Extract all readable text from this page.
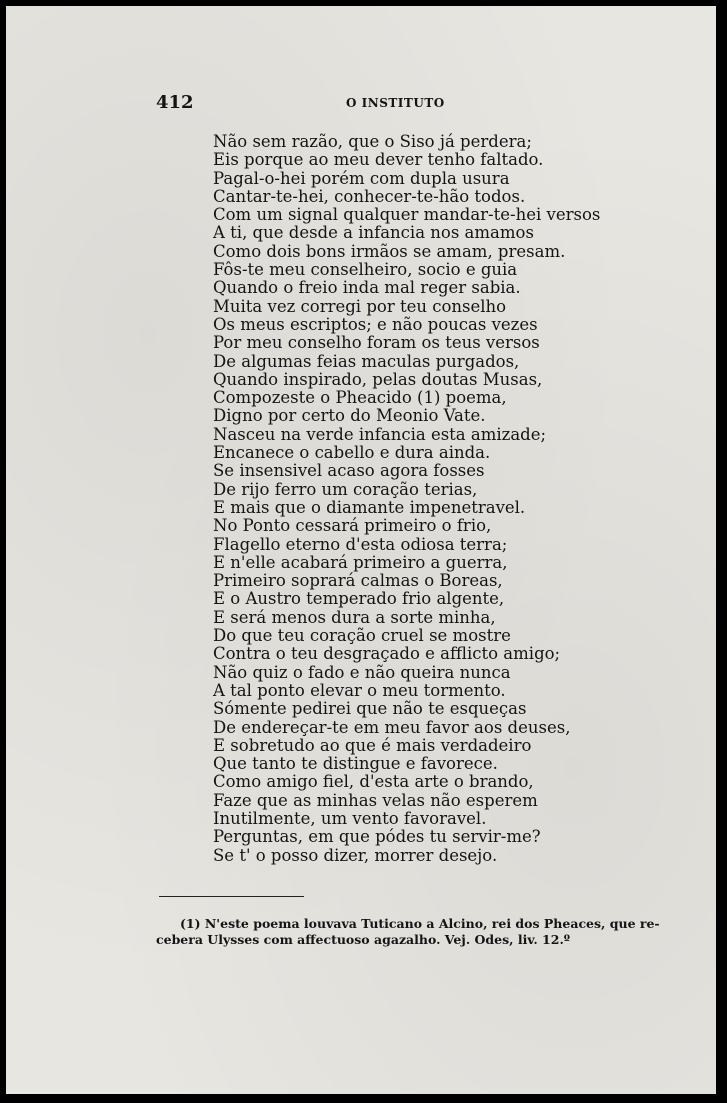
412	O INSTITUTO
Não sem razão, que o Siso já perdera;
Eis porque ao meu dever tenho faltado.
Pagal-o-hei porém com dupla usura
Cantar-te-hei, conhecer-te-hão todos.
Com um signal qualquer mandar-te-hei versos
A ti, que desde a infancia nos amamos
Como dois bons irmãos se amam, presam.
Fôs-te meu conselheiro, socio e guia
Quando o freio inda mal reger sabia.
Muita vez corregi por teu conselho
Os meus escriptos; e não poucas vezes
Por meu conselho foram os teus versos
De algumas feias maculas purgados,
Quando inspirado, pelas doutas Musas,
Compozeste o Pheacido (1) poema,
Digno por certo do Meonio Vate.
Nasceu na verde infancia esta amizade;
Encanece o cabello e dura ainda.
Se insensivel acaso agora fosses
De rijo ferro um coração terias,
E mais que o diamante impenetravel.
No Ponto cessará primeiro o frio,
Flagello eterno d'esta odiosa terra;
E n'elle acabará primeiro a guerra,
Primeiro soprará calmas o Boreas,
E o Austro temperado frio algente,
E será menos dura a sorte minha,
Do que teu coração cruel se mostre
Contra o teu desgraçado e afflicto amigo;
Não quiz o fado e não queira nunca
A tal ponto elevar o meu tormento.
Sómente pedirei que não te esqueças
De endereçar-te em meu favor aos deuses,
E sobretudo ao que é mais verdadeiro
Que tanto te distingue e favorece.
Como amigo fiel, d'esta arte o brando,
Faze que as minhas velas não esperem
Inutilmente, um vento favoravel.
Perguntas, em que pódes tu servir-me?
Se t' o posso dizer, morrer desejo.
(1) N'este poema louvava Tuticano a Alcino, rei dos Pheaces, que re-
cebera Ulysses com affectuoso agazalho. Vej. Odes, liv. 12.º
